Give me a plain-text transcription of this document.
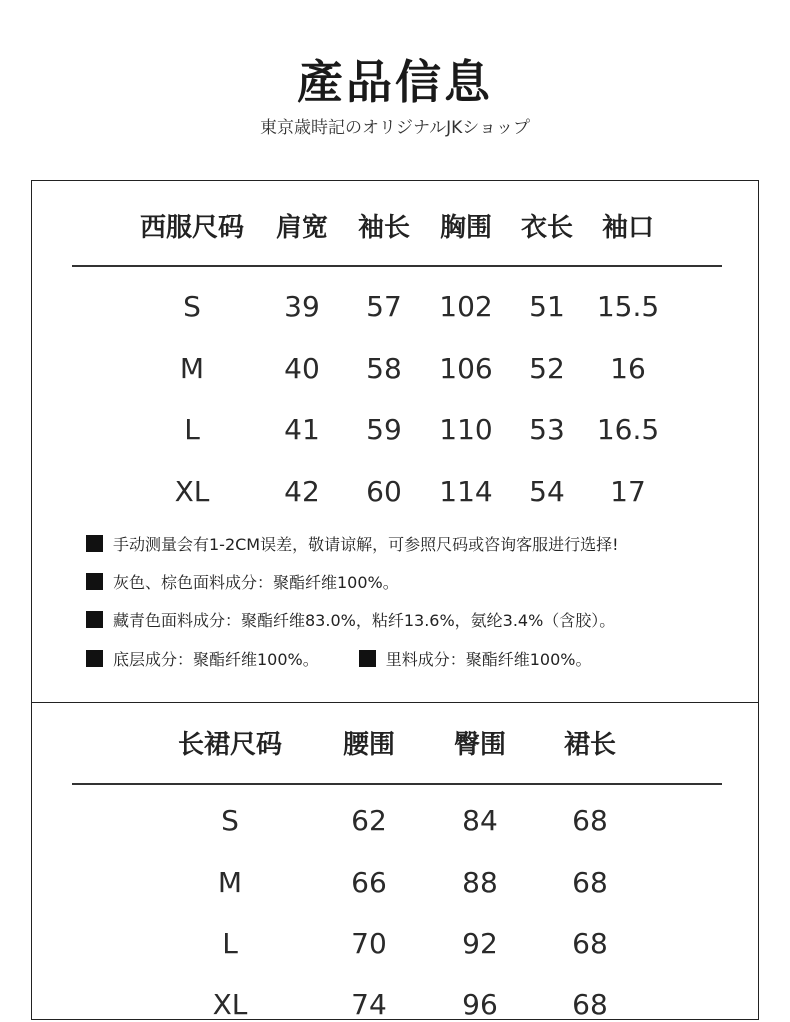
產品信息
東京歳時記のオリジナルJKショップ
西服尺码 肩宽 袖长 胸围 衣长 袖口
S	39 57 102 51 15.5
M	40 58 106 52 16
L	41 59 110 53 16.5
XL	42 60 114 54 17
手动测量会有1-2CM误差，敬请谅解，可参照尺码或咨询客服进行选择!
灰色、棕色面料成分：聚酯纤维100%。
藏青色面料成分：聚酯纤维83.0%，粘纤13.6%，氨纶3.4%（含胶）。
底层成分：聚酯纤维100%。	里料成分：聚酯纤维100%。
长裙尺码 腰围 臀围 裙长
S	62	84	68
M	66	88	68
L	70	92	68
XL	74	96	68
